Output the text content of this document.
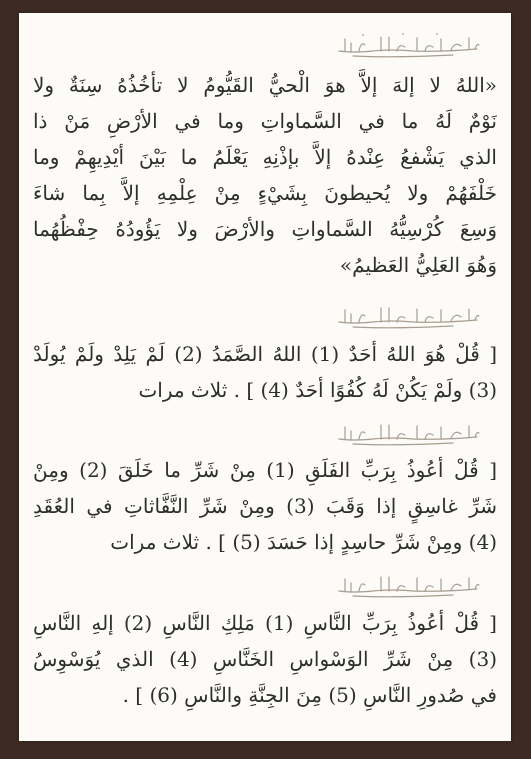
«اللهُ لا إلهَ إلاَّ هوَ الْحيُّ القَيُّومُ لا تأخُذُهُ سِنَةٌ ولا
نَوْمٌ لَهُ ما في السَّماواتِ وما في الأرْضِ مَنْ ذا
الذي يَشْفعُ عِنْدهُ إلاَّ بإذْنِهِ يَعْلَمُ ما بَيْنَ أيْدِيهِمْ وما
خَلْفَهُمْ ولا يُحيطونَ بِشَيْءٍ مِنْ عِلْمِهِ إلاَّ بِما شاءَ
وَسِعَ كُرْسِيُّهُ السَّماواتِ والأرْضَ ولا يَؤُودُهُ حِفْظُهُما
وَهُوَ العَلِيُّ العَظيمُ»
[ قُلْ هُوَ اللهُ أحَدٌ (1) اللهُ الصَّمَدُ (2) لَمْ يَلِدْ ولَمْ يُولَدْ
(3) ولَمْ يَكُنْ لَهُ كُفُوًا أحَدٌ (4) ] . ثلاث مرات
[ قُلْ أعُوذُ بِرَبِّ الفَلَقِ (1) مِنْ شَرِّ ما خَلَقَ (2) ومِنْ
شَرِّ غاسِقٍ إذا وَقَبَ (3) ومِنْ شَرِّ النَّفَّاثاتِ في العُقَدِ
(4) ومِنْ شَرِّ حاسِدٍ إذا حَسَدَ (5) ] . ثلاث مرات
[ قُلْ أعُوذُ بِرَبِّ النَّاسِ (1) مَلِكِ النَّاسِ (2) إلهِ النَّاسِ
(3) مِنْ شَرِّ الوَسْواسِ الخَنَّاسِ (4) الذي يُوَسْوِسُ
في صُدورِ النَّاسِ (5) مِنَ الجِنَّةِ والنَّاسِ (6) ] .
